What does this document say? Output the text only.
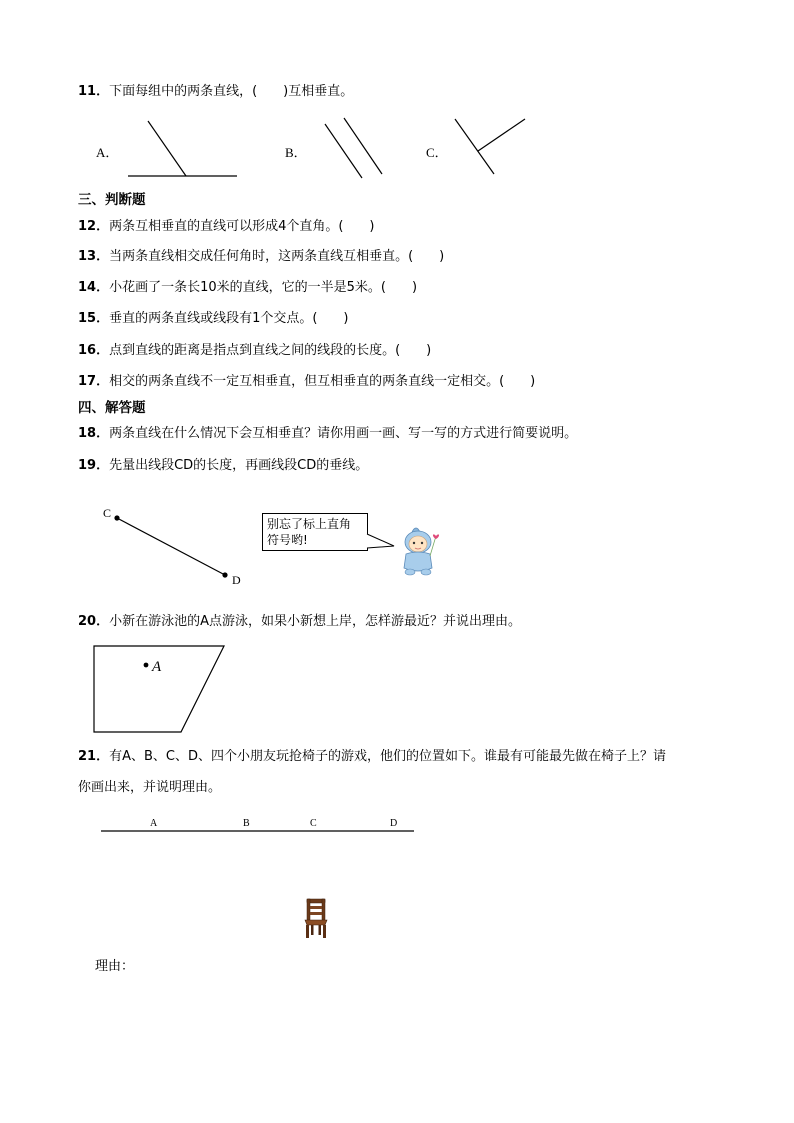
11．下面每组中的两条直线，(　　)互相垂直。
A．	B．	C．
三、判断题
12．两条互相垂直的直线可以形成4个直角。(　　)
13．当两条直线相交成任何角时，这两条直线互相垂直。(　　)
14．小花画了一条长10米的直线，它的一半是5米。(　　)
15．垂直的两条直线或线段有1个交点。(　　)
16．点到直线的距离是指点到直线之间的线段的长度。(　　)
17．相交的两条直线不一定互相垂直，但互相垂直的两条直线一定相交。(　　)
四、解答题
18．两条直线在什么情况下会互相垂直？请你用画一画、写一写的方式进行简要说明。
19．先量出线段CD的长度，再画线段CD的垂线。
C
D
别忘了标上直角
符号哟!
20．小新在游泳池的A点游泳，如果小新想上岸，怎样游最近？并说出理由。
A
21．有A、B、C、D、四个小朋友玩抢椅子的游戏，他们的位置如下。谁最有可能最先做在椅子上？请
你画出来，并说明理由。
A	B	C	D
理由：
